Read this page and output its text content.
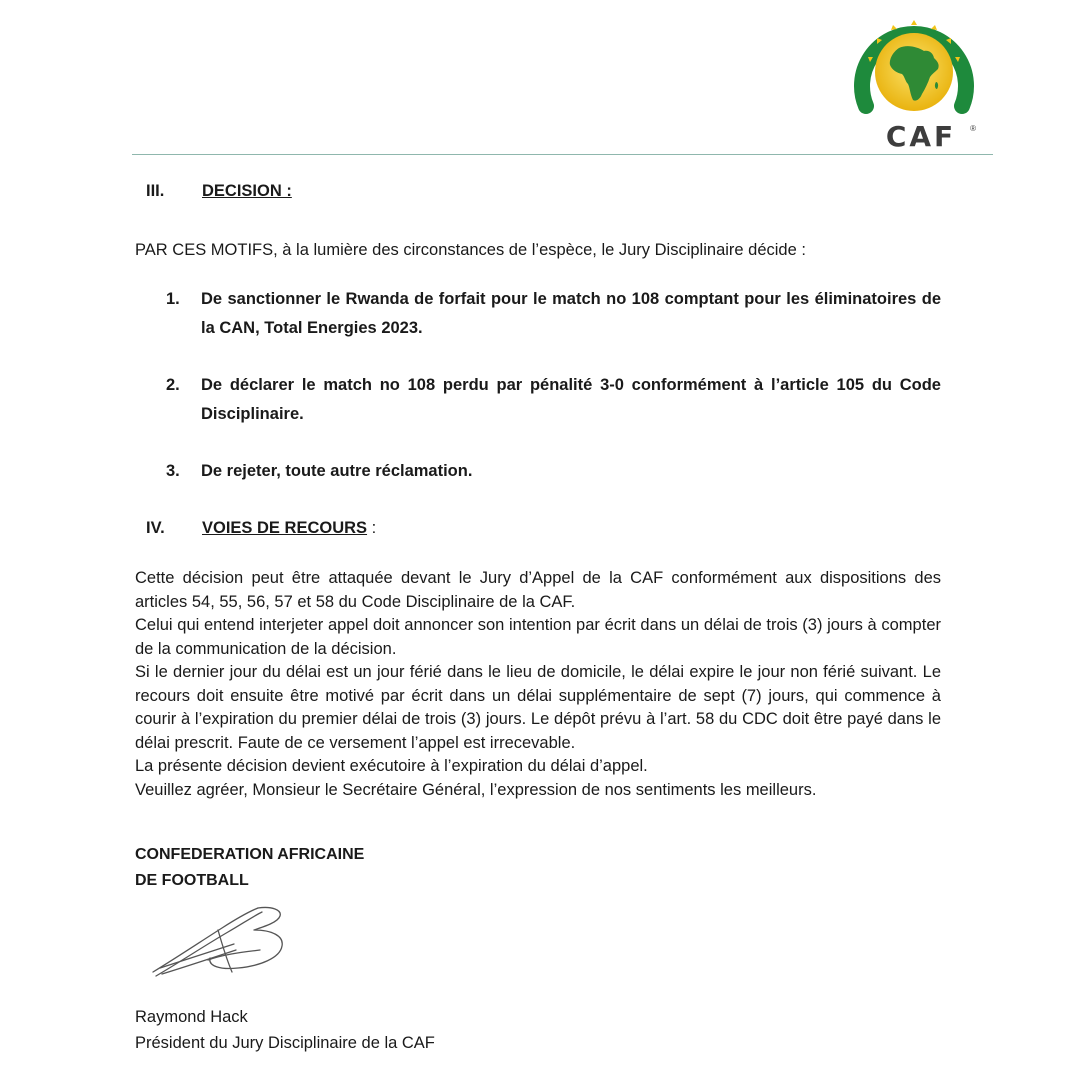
CAF	®
III. DECISION :
PAR CES MOTIFS, à la lumière des circonstances de l’espèce, le Jury Disciplinaire décide :
1.	De sanctionner le Rwanda de forfait pour le match no 108 comptant pour les éliminatoires de la CAN, Total Energies 2023.
2.	De déclarer le match no 108 perdu par pénalité 3-0 conformément à l’article 105 du Code Disciplinaire.
3.	De rejeter, toute autre réclamation.
IV. VOIES DE RECOURS :
Cette décision peut être attaquée devant le Jury d’Appel de la CAF conformément aux dispositions des articles 54, 55, 56, 57 et 58 du Code Disciplinaire de la CAF.
Celui qui entend interjeter appel doit annoncer son intention par écrit dans un délai de trois (3) jours à compter de la communication de la décision.
Si le dernier jour du délai est un jour férié dans le lieu de domicile, le délai expire le jour non férié suivant. Le recours doit ensuite être motivé par écrit dans un délai supplémentaire de sept (7) jours, qui commence à courir à l’expiration du premier délai de trois (3) jours. Le dépôt prévu à l’art. 58 du CDC doit être payé dans le délai prescrit. Faute de ce versement l’appel est irrecevable.
La présente décision devient exécutoire à l’expiration du délai d’appel.
Veuillez agréer, Monsieur le Secrétaire Général, l’expression de nos sentiments les meilleurs.
CONFEDERATION AFRICAINE
DE FOOTBALL
Raymond Hack
Président du Jury Disciplinaire de la CAF
